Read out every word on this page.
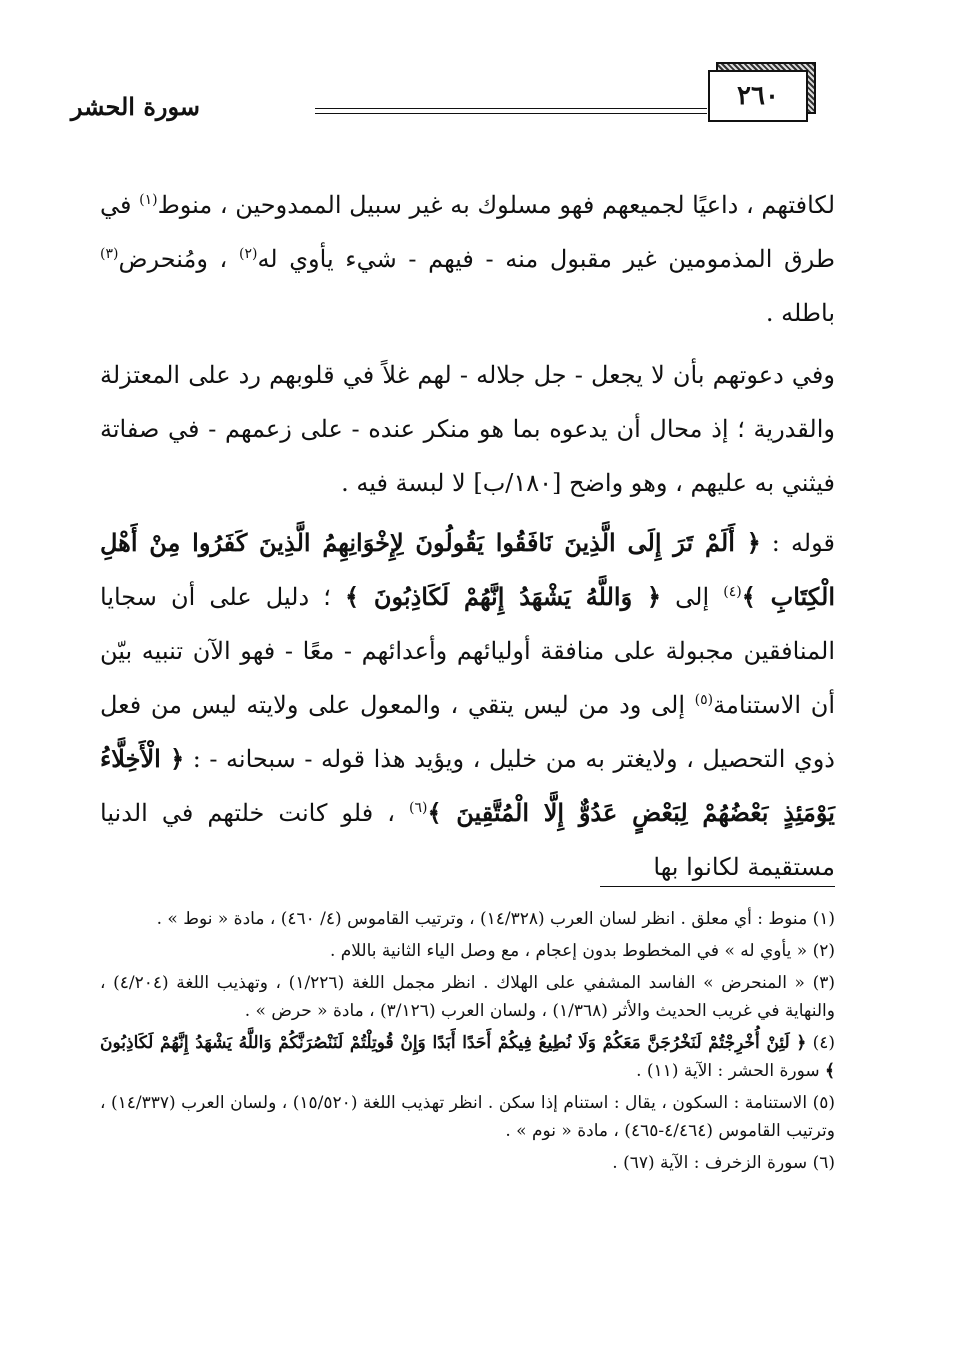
٢٦٠
سورة الحشر
لكافتهم ، داعيًا لجميعهم فهو مسلوك به غير سبيل الممدوحين ، منوط$^{(١)}$ في طرق المذمومين غير مقبول منه - فيهم - شيء يأوي له$^{(٢)}$ ، ومُنحرض$^{(٣)}$ باطله .
وفي دعوتهم بأن لا يجعل - جل جلاله - لهم غلاً في قلوبهم رد على المعتزلة والقدرية ؛ إذ محال أن يدعوه بما هو منكر عنده - على زعمهم - في صفاتة فيثني به عليهم ، وهو واضح [١٨٠/ب] لا لبسة فيه .
قوله : ﴿ أَلَمْ تَرَ إِلَى الَّذِينَ نَافَقُوا يَقُولُونَ لِإِخْوَانِهِمُ الَّذِينَ كَفَرُوا مِنْ أَهْلِ الْكِتَابِ ﴾$^{(٤)}$ إلى ﴿ وَاللَّهُ يَشْهَدُ إِنَّهُمْ لَكَاذِبُونَ ﴾ ؛ دليل على أن سجايا المنافقين مجبولة على منافقة أوليائهم وأعدائهم - معًا - فهو الآن تنبيه بيّن أن الاستنامة$^{(٥)}$ إلى ود من ليس يتقي ، والمعول على ولايته ليس من فعل ذوي التحصيل ، ولايغتر به من خليل ، ويؤيد هذا قوله - سبحانه - : ﴿ الْأَخِلَّاءُ يَوْمَئِذٍ بَعْضُهُمْ لِبَعْضٍ عَدُوٌّ إِلَّا الْمُتَّقِينَ ﴾$^{(٦)}$ ، فلو كانت خلتهم في الدنيا مستقيمة لكانوا بها

(١) منوط : أي معلق . انظر لسان العرب (١٤/٣٢٨) ، وترتيب القاموس (٤/ ٤٦٠) ، مادة « نوط » .

(٢) « يأوي له » في المخطوط بدون إعجام ، مع وصل الياء الثانية باللام .

(٣) « المنحرض » الفاسد المشفي على الهلاك . انظر مجمل اللغة (١/٢٢٦) ، وتهذيب اللغة (٤/٢٠٤) ، والنهاية في غريب الحديث والأثر (١/٣٦٨) ، ولسان العرب (٣/١٢٦) ، مادة « حرض » .

(٤) ﴿ لَئِنْ أُخْرِجْتُمْ لَنَخْرُجَنَّ مَعَكُمْ وَلَا نُطِيعُ فِيكُمْ أَحَدًا أَبَدًا وَإِنْ قُوتِلْتُمْ لَنَنْصُرَنَّكُمْ وَاللَّهُ يَشْهَدُ إِنَّهُمْ لَكَاذِبُونَ ﴾ سورة الحشر : الآية (١١) .

(٥) الاستنامة : السكون ، يقال : استنام إذا سكن . انظر تهذيب اللغة (١٥/٥٢٠) ، ولسان العرب (١٤/٣٣٧) ، وترتيب القاموس (٤/٤٦٤-٤٦٥) ، مادة « نوم » .

(٦) سورة الزخرف : الآية (٦٧) .
